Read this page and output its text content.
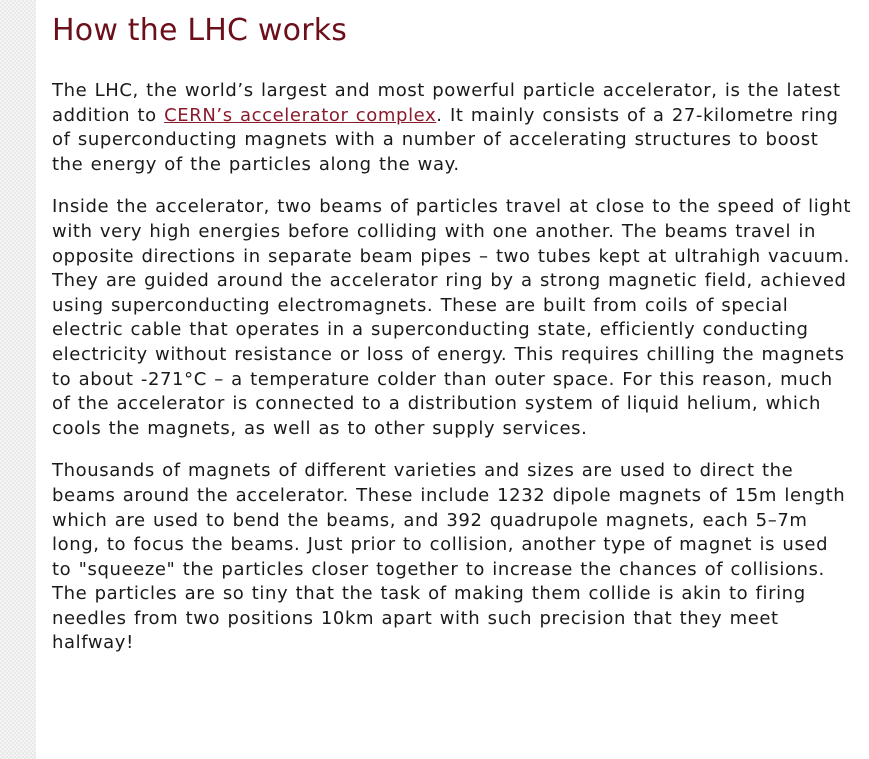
How the LHC works

The LHC, the world’s largest and most powerful particle accelerator, is the latest addition to CERN’s accelerator complex. It mainly consists of a 27-kilometre ring of superconducting magnets with a number of accelerating structures to boost the energy of the particles along the way.

Inside the accelerator, two beams of particles travel at close to the speed of light with very high energies before colliding with one another. The beams travel in opposite directions in separate beam pipes – two tubes kept at ultrahigh vacuum. They are guided around the accelerator ring by a strong magnetic field, achieved using superconducting electromagnets. These are built from coils of special electric cable that operates in a superconducting state, efficiently conducting electricity without resistance or loss of energy. This requires chilling the magnets to about ‑271°C – a temperature colder than outer space. For this reason, much of the accelerator is connected to a distribution system of liquid helium, which cools the magnets, as well as to other supply services.

Thousands of magnets of different varieties and sizes are used to direct the beams around the accelerator. These include 1232 dipole magnets of 15m length which are used to bend the beams, and 392 quadrupole magnets, each 5–7m long, to focus the beams. Just prior to collision, another type of magnet is used to "squeeze" the particles closer together to increase the chances of collisions. The particles are so tiny that the task of making them collide is akin to firing needles from two positions 10km apart with such precision that they meet halfway!
